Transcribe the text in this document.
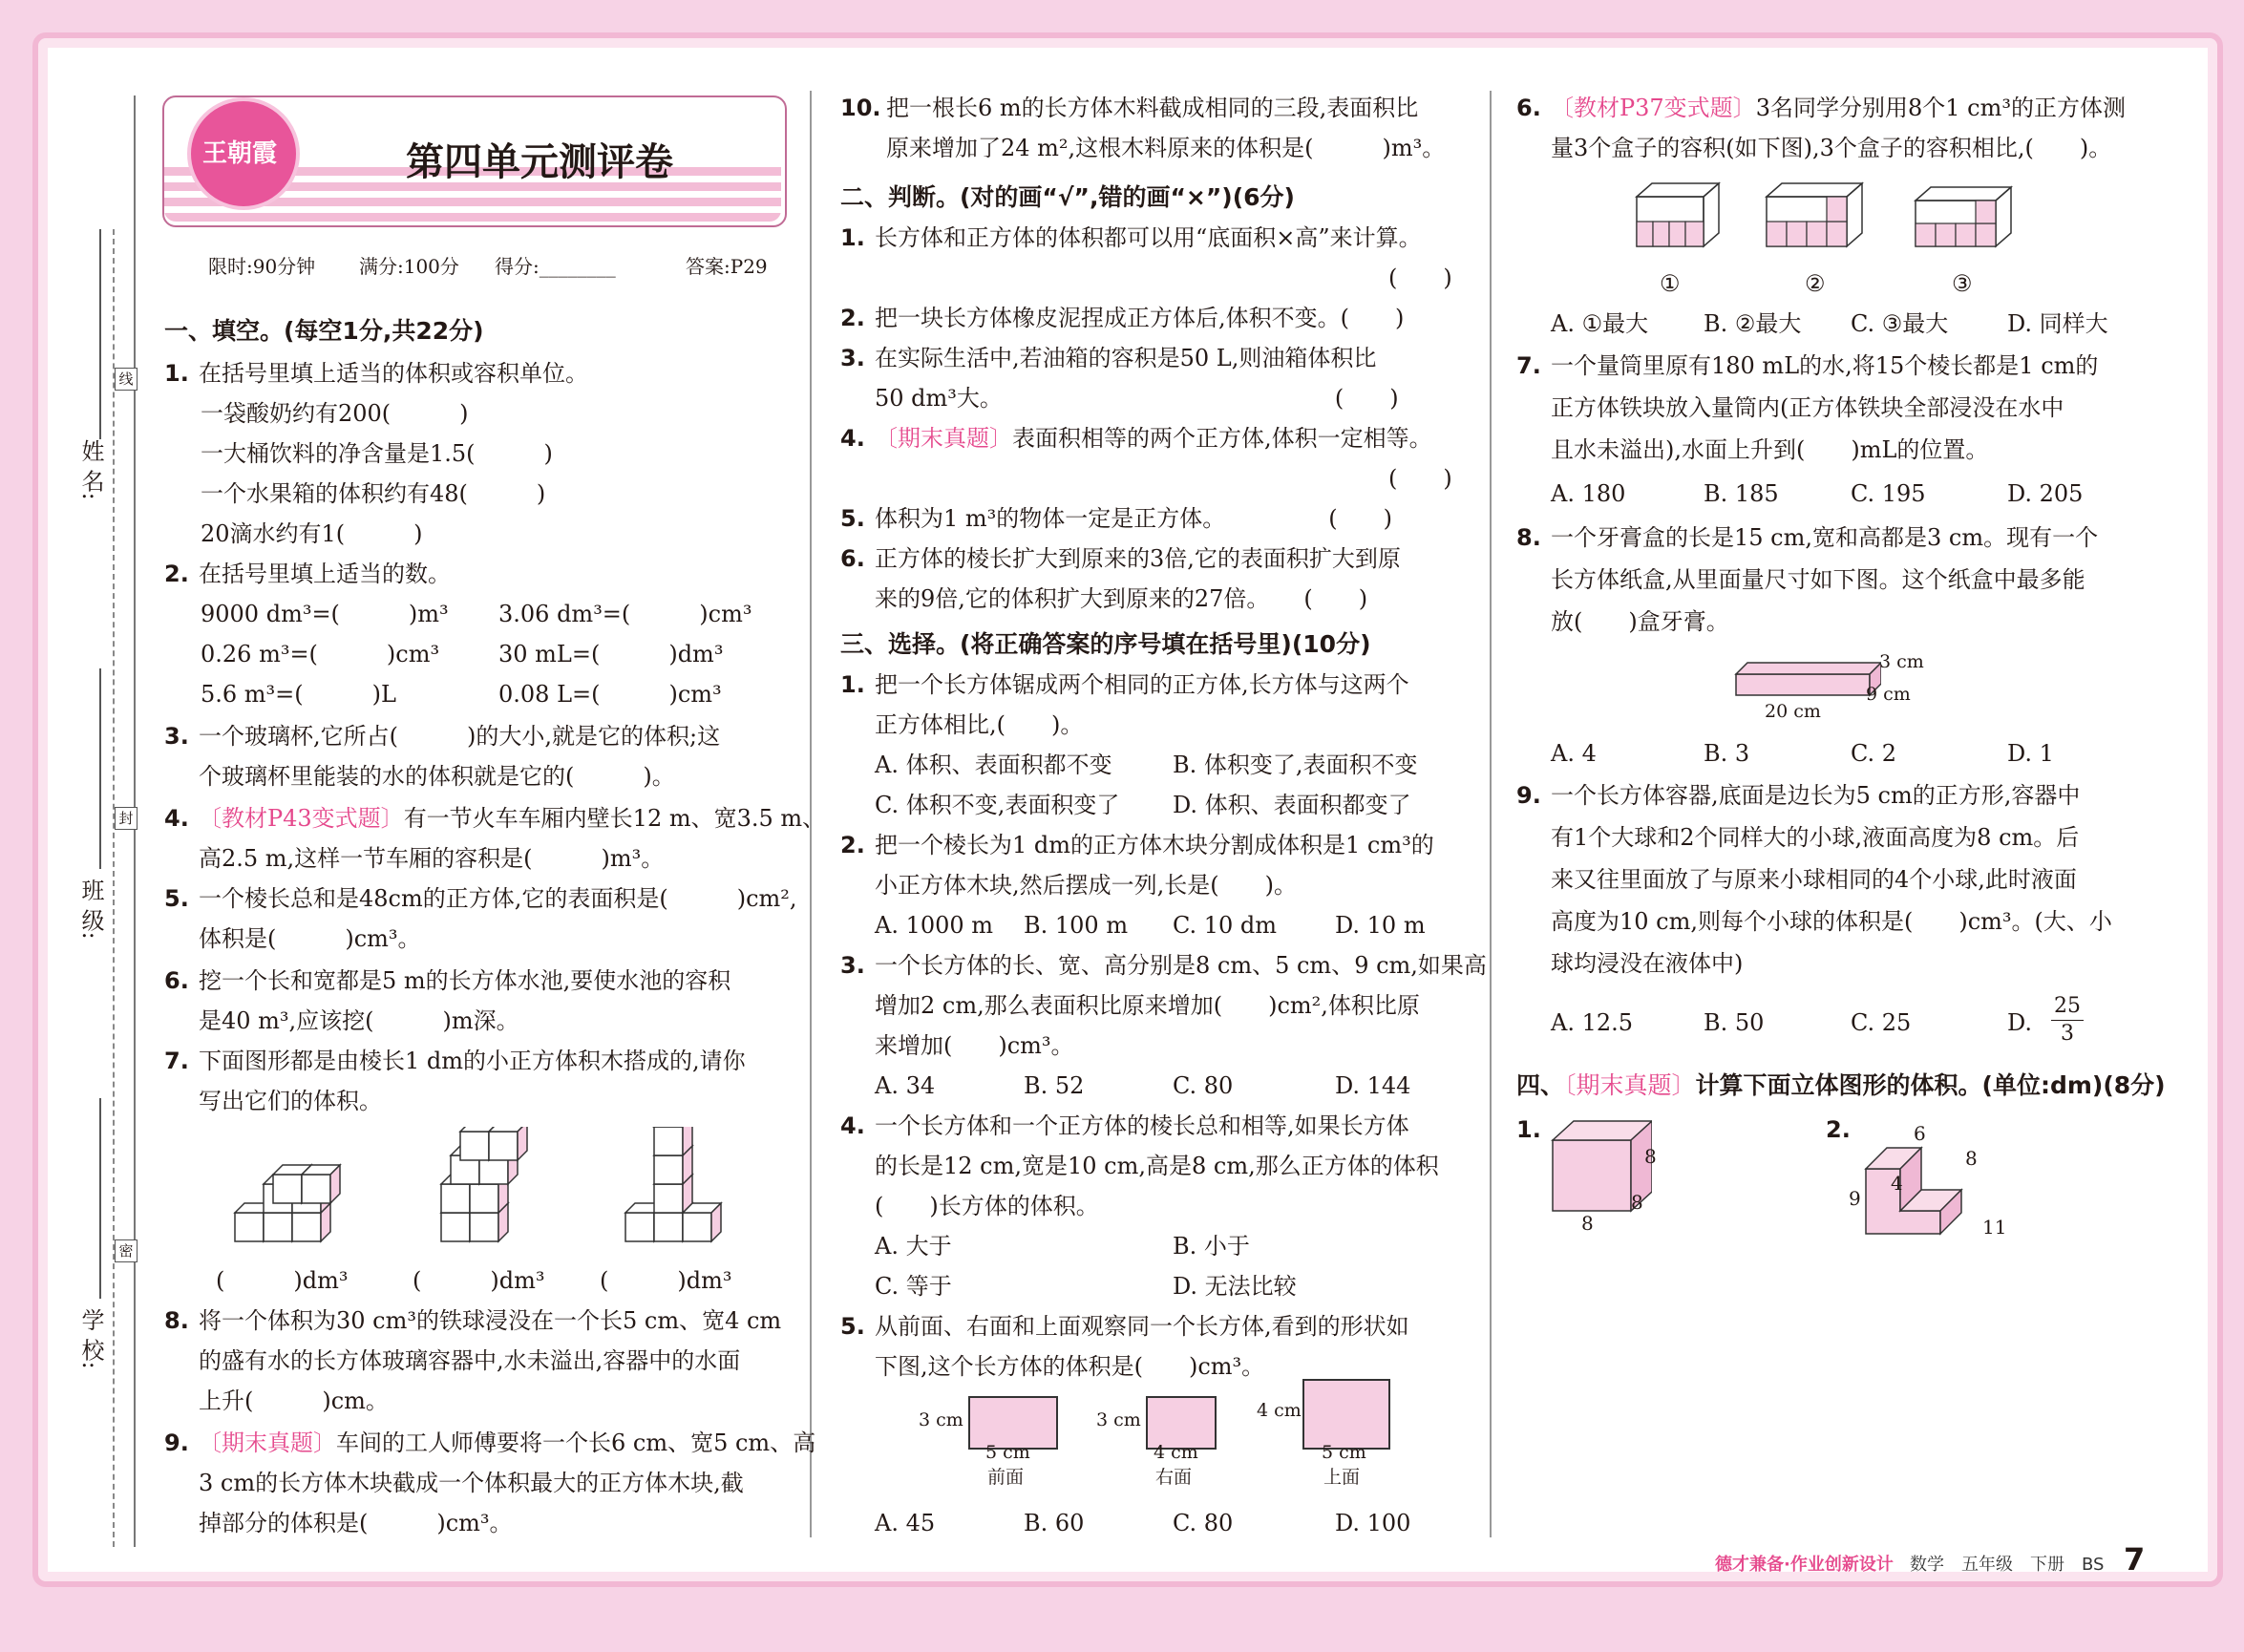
线
封
密
姓 名:
班 级:
学 校:
王朝霞	第四单元测评卷
限时:90分钟 满分:100分 得分:________	答案:P29
一、填空。(每空1分,共22分)
1. 在括号里填上适当的体积或容积单位。
一袋酸奶约有200(　　　)
一大桶饮料的净含量是1.5(　　　)
一个水果箱的体积约有48(　　　)
20滴水约有1(　　　)
2. 在括号里填上适当的数。
9000 dm³=(　　　)m³ 3.06 dm³=(　　　)cm³
0.26 m³=(　　　)cm³	30 mL=(　　　)dm³
5.6 m³=(　　　)L	0.08 L=(　　　)cm³
3. 一个玻璃杯,它所占(　　　)的大小,就是它的体积;这
个玻璃杯里能装的水的体积就是它的(　　　)。
4. 〔教材P43变式题〕有一节火车车厢内壁长12 m、宽3.5 m、
高2.5 m,这样一节车厢的容积是(　　　)m³。
5. 一个棱长总和是48cm的正方体,它的表面积是(　　　)cm²,
体积是(　　　)cm³。
6. 挖一个长和宽都是5 m的长方体水池,要使水池的容积
是40 m³,应该挖(　　　)m深。
7. 下面图形都是由棱长1 dm的小正方体积木搭成的,请你
写出它们的体积。
(　　　)dm³	(　　　)dm³ (　　　)dm³
8. 将一个体积为30 cm³的铁球浸没在一个长5 cm、宽4 cm
的盛有水的长方体玻璃容器中,水未溢出,容器中的水面
上升(　　　)cm。
9. 〔期末真题〕车间的工人师傅要将一个长6 cm、宽5 cm、高
3 cm的长方体木块截成一个体积最大的正方体木块,截
掉部分的体积是(　　　)cm³。
10. 把一根长6 m的长方体木料截成相同的三段,表面积比
原来增加了24 m²,这根木料原来的体积是(　　　)m³。
二、判断。(对的画“√”,错的画“×”)(6分)
1. 长方体和正方体的体积都可以用“底面积×高”来计算。
(　　)
2. 把一块长方体橡皮泥捏成正方体后,体积不变。(　　)
3. 在实际生活中,若油箱的容积是50 L,则油箱体积比
50 dm³大。　　　　　　　　　　　　　　　(　　)
4. 〔期末真题〕表面积相等的两个正方体,体积一定相等。
(　　)
5. 体积为1 m³的物体一定是正方体。　　　　　(　　)
6. 正方体的棱长扩大到原来的3倍,它的表面积扩大到原
来的9倍,它的体积扩大到原来的27倍。　　(　　)
三、选择。(将正确答案的序号填在括号里)(10分)
1. 把一个长方体锯成两个相同的正方体,长方体与这两个
正方体相比,(　　)。
A. 体积、表面积都不变	B. 体积变了,表面积不变
C. 体积不变,表面积变了 D. 体积、表面积都变了
2. 把一个棱长为1 dm的正方体木块分割成体积是1 cm³的
小正方体木块,然后摆成一列,长是(　　)。
A. 1000 m B. 100 m C. 10 dm	D. 10 m
3. 一个长方体的长、宽、高分别是8 cm、5 cm、9 cm,如果高
增加2 cm,那么表面积比原来增加(　　)cm²,体积比原
来增加(　　)cm³。
A. 34	B. 52	C. 80	D. 144
4. 一个长方体和一个正方体的棱长总和相等,如果长方体
的长是12 cm,宽是10 cm,高是8 cm,那么正方体的体积
(　　)长方体的体积。
A. 大于	B. 小于
C. 等于	D. 无法比较
5. 从前面、右面和上面观察同一个长方体,看到的形状如
下图,这个长方体的体积是(　　)cm³。
3 cm
5 cm
前面
3 cm
4 cm
右面
4 cm
5 cm
上面
A. 45	B. 60	C. 80	D. 100
6. 〔教材P37变式题〕3名同学分别用8个1 cm³的正方体测
量3个盒子的容积(如下图),3个盒子的容积相比,(　　)。
①	②	③
A. ①最大 B. ②最大 C. ③最大	D. 同样大
7. 一个量筒里原有180 mL的水,将15个棱长都是1 cm的
正方体铁块放入量筒内(正方体铁块全部浸没在水中
且水未溢出),水面上升到(　　)mL的位置。
A. 180	B. 185	C. 195	D. 205
8. 一个牙膏盒的长是15 cm,宽和高都是3 cm。现有一个
长方体纸盒,从里面量尺寸如下图。这个纸盒中最多能
放(　　)盒牙膏。
3 cm
9 cm
20 cm
A. 4	B. 3	C. 2	D. 1
9. 一个长方体容器,底面是边长为5 cm的正方形,容器中
有1个大球和2个同样大的小球,液面高度为8 cm。后
来又往里面放了与原来小球相同的4个小球,此时液面
高度为10 cm,则每个小球的体积是(　　)cm³。(大、小
球均浸没在液体中)
A. 12.5	B. 50	C. 25	D. $\frac{25}{3}$
四、〔期末真题〕计算下面立体图形的体积。(单位:dm)(8分)
1.
8
8
8
2.	6
8
4
9
11
德才兼备·作业创新设计 数学　五年级　下册　BS 7
